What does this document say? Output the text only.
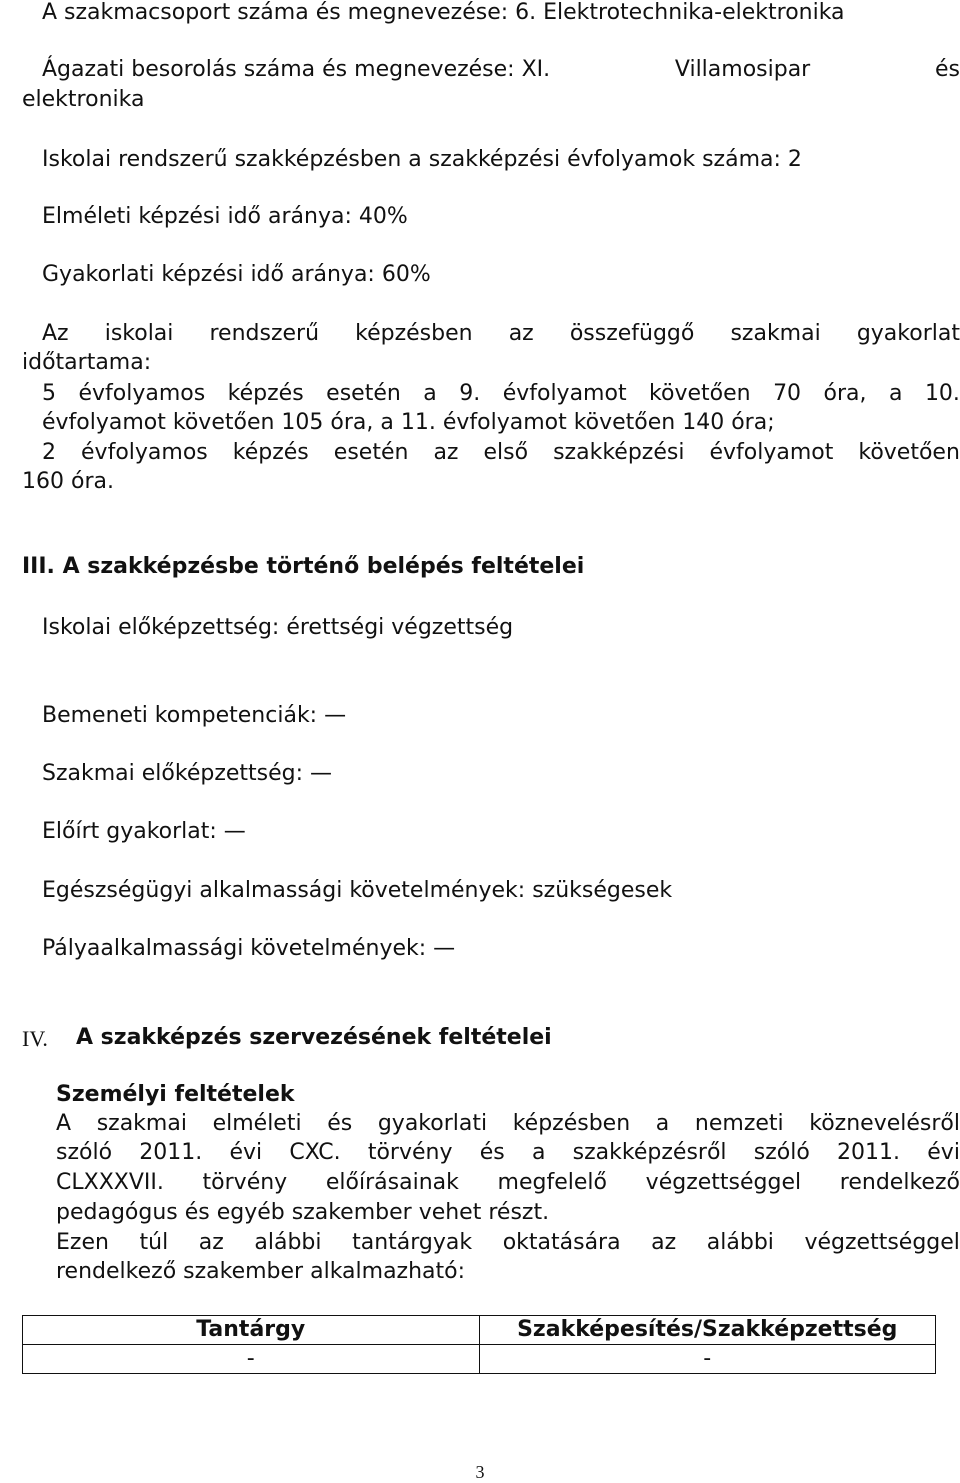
A szakmacsoport száma és megnevezése: 6. Elektrotechnika-elektronika
Ágazati besorolás száma és megnevezése: XI.	Villamosipar	és
elektronika
Iskolai rendszerű szakképzésben a szakképzési évfolyamok száma: 2
Elméleti képzési idő aránya: 40%
Gyakorlati képzési idő aránya: 60%
Az iskolai rendszerű képzésben az összefüggő szakmai gyakorlat
időtartama:
5 évfolyamos képzés esetén a 9. évfolyamot követően 70 óra, a 10.
évfolyamot követően 105 óra, a 11. évfolyamot követően 140 óra;
2 évfolyamos képzés esetén az első szakképzési évfolyamot követően
160 óra.
III. A szakképzésbe történő belépés feltételei
Iskolai előképzettség: érettségi végzettség
Bemeneti kompetenciák: —
Szakmai előképzettség: —
Előírt gyakorlat: —
Egészségügyi alkalmassági követelmények: szükségesek
Pályaalkalmassági követelmények: —
IV. A szakképzés szervezésének feltételei
Személyi feltételek
A szakmai elméleti és gyakorlati képzésben a nemzeti köznevelésről
szóló 2011. évi CXC. törvény és a szakképzésről szóló 2011. évi
CLXXXVII. törvény előírásainak megfelelő végzettséggel rendelkező
pedagógus és egyéb szakember vehet részt.
Ezen túl az alábbi tantárgyak oktatására az alábbi végzettséggel
rendelkező szakember alkalmazható:
Tantárgy	Szakképesítés/Szakképzettség
-	-
3
